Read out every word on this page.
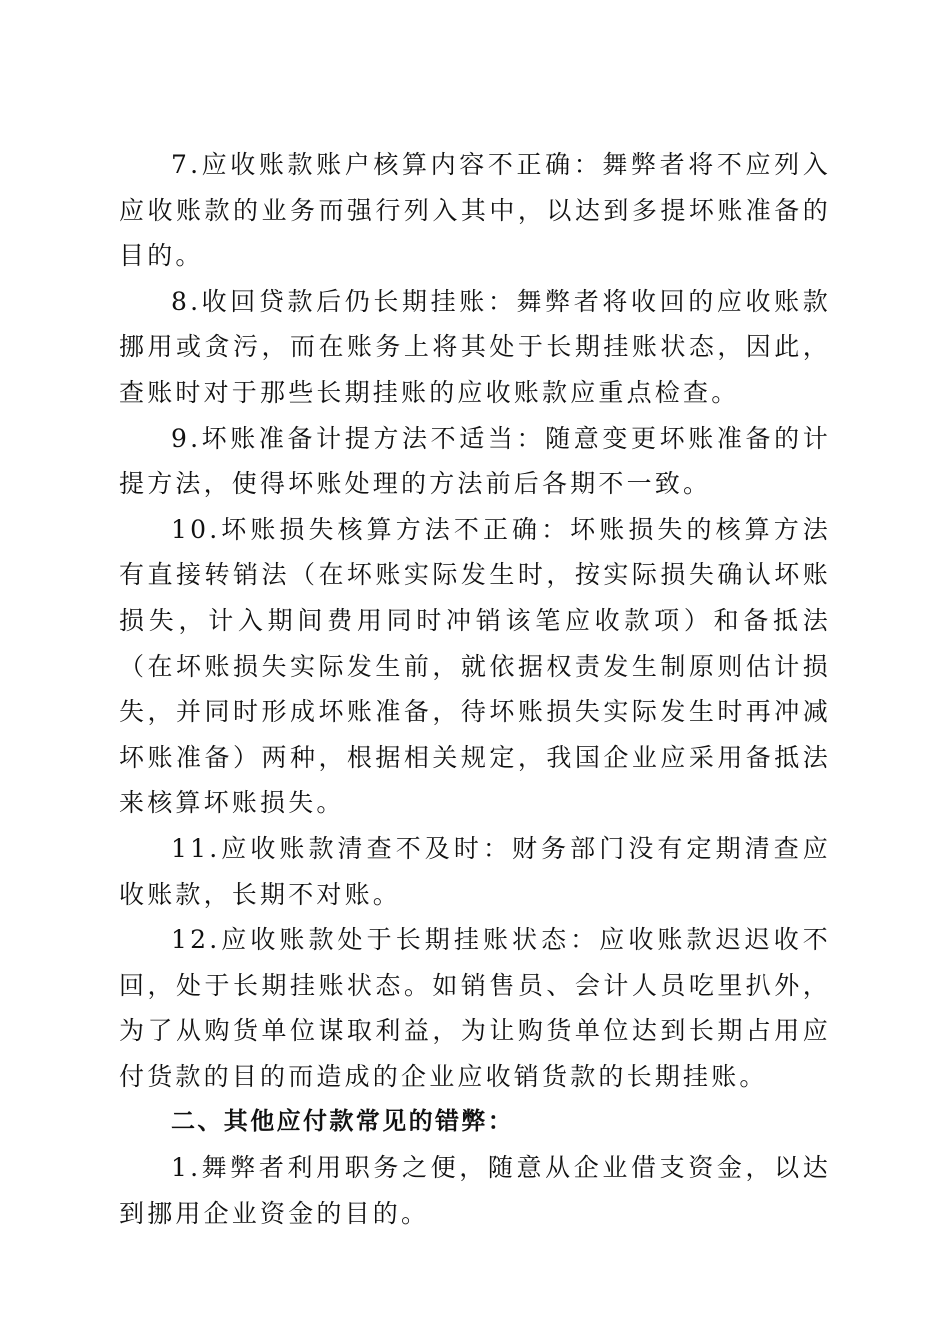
7.应收账款账户核算内容不正确：舞弊者将不应列入应收账款的业务而强行列入其中，以达到多提坏账准备的目的。

8.收回贷款后仍长期挂账：舞弊者将收回的应收账款挪用或贪污，而在账务上将其处于长期挂账状态，因此，查账时对于那些长期挂账的应收账款应重点检查。

9.坏账准备计提方法不适当：随意变更坏账准备的计提方法，使得坏账处理的方法前后各期不一致。

10.坏账损失核算方法不正确：坏账损失的核算方法有直接转销法（在坏账实际发生时，按实际损失确认坏账损失，计入期间费用同时冲销该笔应收款项）和备抵法（在坏账损失实际发生前，就依据权责发生制原则估计损失，并同时形成坏账准备，待坏账损失实际发生时再冲减坏账准备）两种，根据相关规定，我国企业应采用备抵法来核算坏账损失。

11.应收账款清查不及时：财务部门没有定期清查应收账款，长期不对账。

12.应收账款处于长期挂账状态：应收账款迟迟收不回，处于长期挂账状态。如销售员、会计人员吃里扒外，为了从购货单位谋取利益，为让购货单位达到长期占用应付货款的目的而造成的企业应收销货款的长期挂账。

二、其他应付款常见的错弊：

1.舞弊者利用职务之便，随意从企业借支资金，以达到挪用企业资金的目的。
